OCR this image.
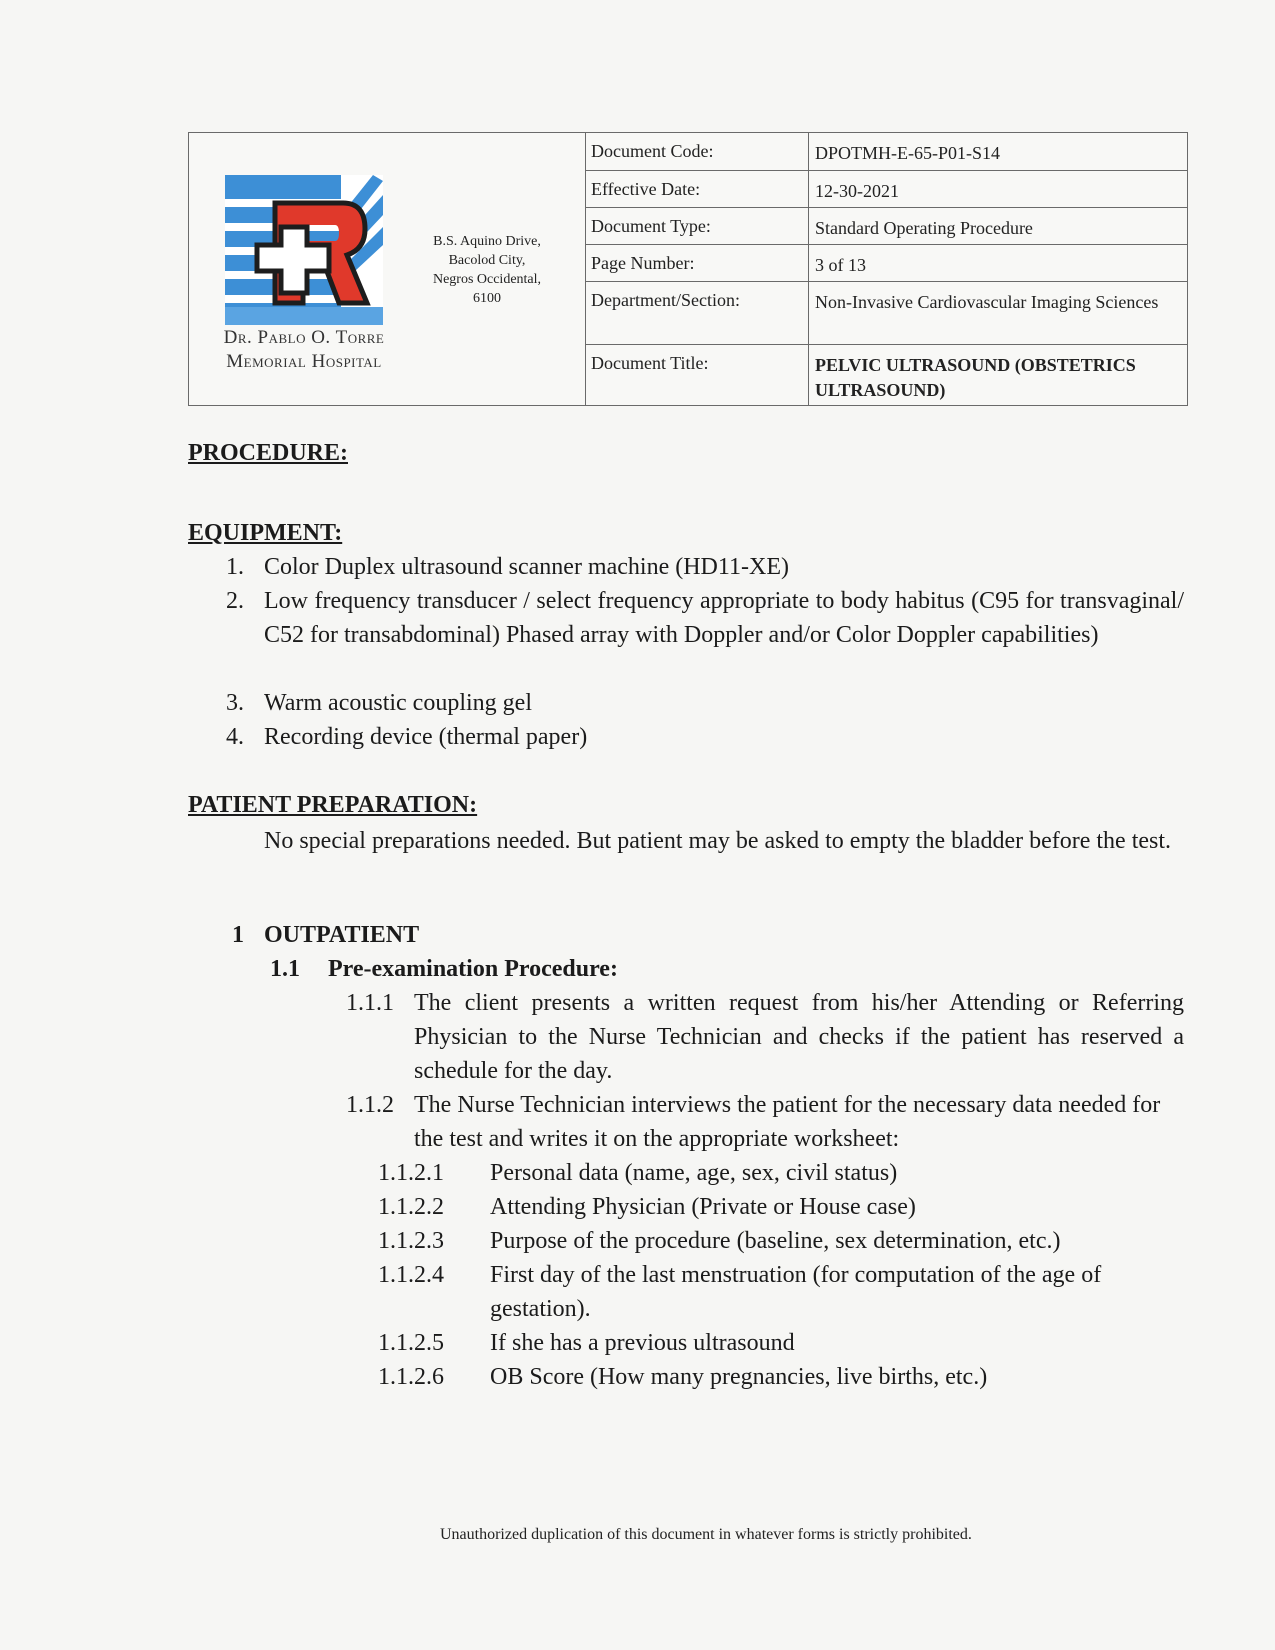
Dr. Pablo O. Torre
Memorial Hospital
B.S. Aquino Drive,
Bacolod City,
Negros Occidental,
6100
Document Code:	DPOTMH-E-65-P01-S14
Effective Date:	12-30-2021
Document Type:	Standard Operating Procedure
Page Number:	3 of 13
Department/Section:	Non-Invasive Cardiovascular Imaging Sciences
Document Title:	PELVIC ULTRASOUND (OBSTETRICS ULTRASOUND)
PROCEDURE:
EQUIPMENT:
1. Color Duplex ultrasound scanner machine (HD11-XE)
2. Low frequency transducer / select frequency appropriate to body habitus (C95 for transvaginal/ C52 for transabdominal) Phased array with Doppler and/or Color Doppler capabilities)
3. Warm acoustic coupling gel
4. Recording device (thermal paper)
PATIENT PREPARATION:
No special preparations needed. But patient may be asked to empty the bladder before the test.
1 OUTPATIENT
1.1 Pre-examination Procedure:
1.1.1 The client presents a written request from his/her Attending or Referring Physician to the Nurse Technician and checks if the patient has reserved a schedule for the day.
1.1.2 The Nurse Technician interviews the patient for the necessary data needed for the test and writes it on the appropriate worksheet:
1.1.2.1 Personal data (name, age, sex, civil status)
1.1.2.2 Attending Physician (Private or House case)
1.1.2.3 Purpose of the procedure (baseline, sex determination, etc.)
1.1.2.4 First day of the last menstruation (for computation of the age of gestation).
1.1.2.5 If she has a previous ultrasound
1.1.2.6 OB Score (How many pregnancies, live births, etc.)
Unauthorized duplication of this document in whatever forms is strictly prohibited.
